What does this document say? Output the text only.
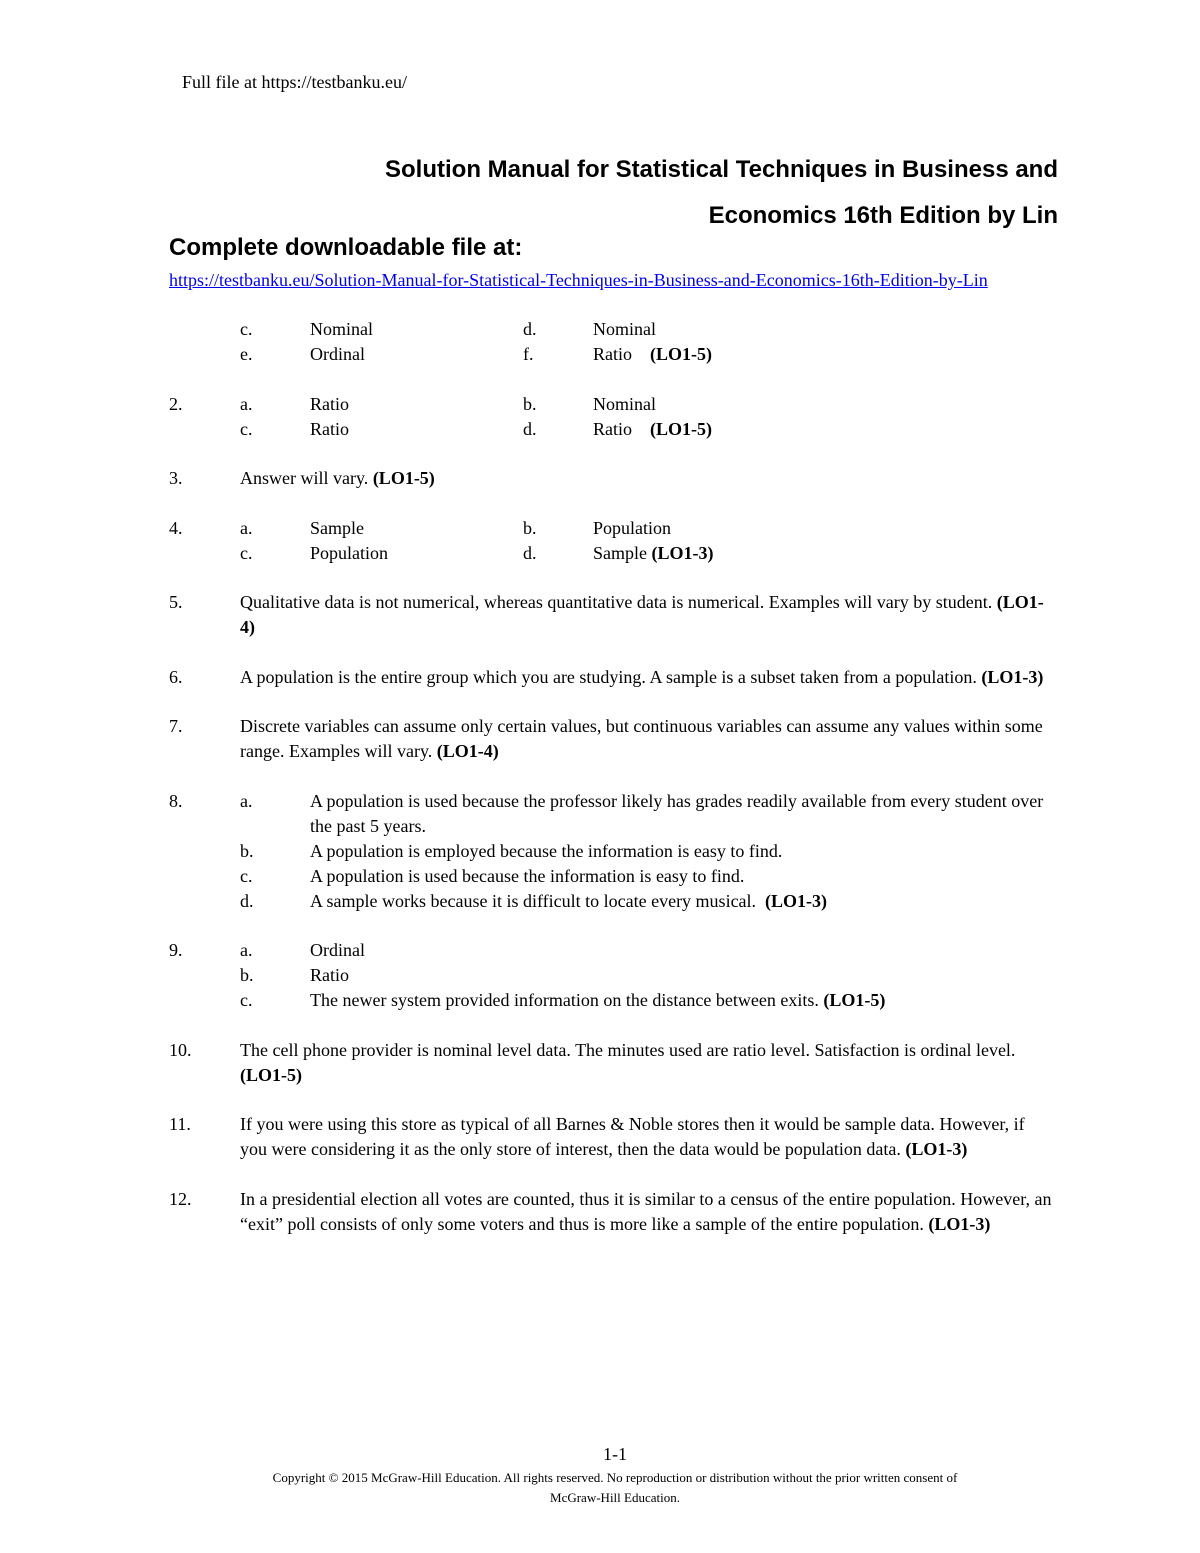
Full file at https://testbanku.eu/
Solution Manual for Statistical Techniques in Business and
Economics 16th Edition by Lin
Complete downloadable file at:
https://testbanku.eu/Solution-Manual-for-Statistical-Techniques-in-Business-and-Economics-16th-Edition-by-Lin
c.	Nominal	d.	Nominal
e.	Ordinal	f.	Ratio (LO1-5)
2.	a.	Ratio	b.	Nominal
c.	Ratio	d.	Ratio (LO1-5)
3.	Answer will vary. (LO1-5)
4.	a.	Sample	b.	Population
c.	Population	d.	Sample (LO1-3)
5.	Qualitative data is not numerical, whereas quantitative data is numerical. Examples will vary by student. (LO1-4)
6.	A population is the entire group which you are studying. A sample is a subset taken from a population. (LO1-3)
7.	Discrete variables can assume only certain values, but continuous variables can assume any values within some range. Examples will vary. (LO1-4)
8.	a.	A population is used because the professor likely has grades readily available from every student over the past 5 years.
b.	A population is employed because the information is easy to find.
c.	A population is used because the information is easy to find.
d.	A sample works because it is difficult to locate every musical. (LO1-3)
9.	a.	Ordinal
b.	Ratio
c.	The newer system provided information on the distance between exits. (LO1-5)
10.	The cell phone provider is nominal level data. The minutes used are ratio level. Satisfaction is ordinal level. (LO1-5)
11.	If you were using this store as typical of all Barnes & Noble stores then it would be sample data. However, if you were considering it as the only store of interest, then the data would be population data. (LO1-3)
12.	In a presidential election all votes are counted, thus it is similar to a census of the entire population. However, an “exit” poll consists of only some voters and thus is more like a sample of the entire population. (LO1-3)
1-1
Copyright © 2015 McGraw-Hill Education. All rights reserved. No reproduction or distribution without the prior written consent of
McGraw-Hill Education.
